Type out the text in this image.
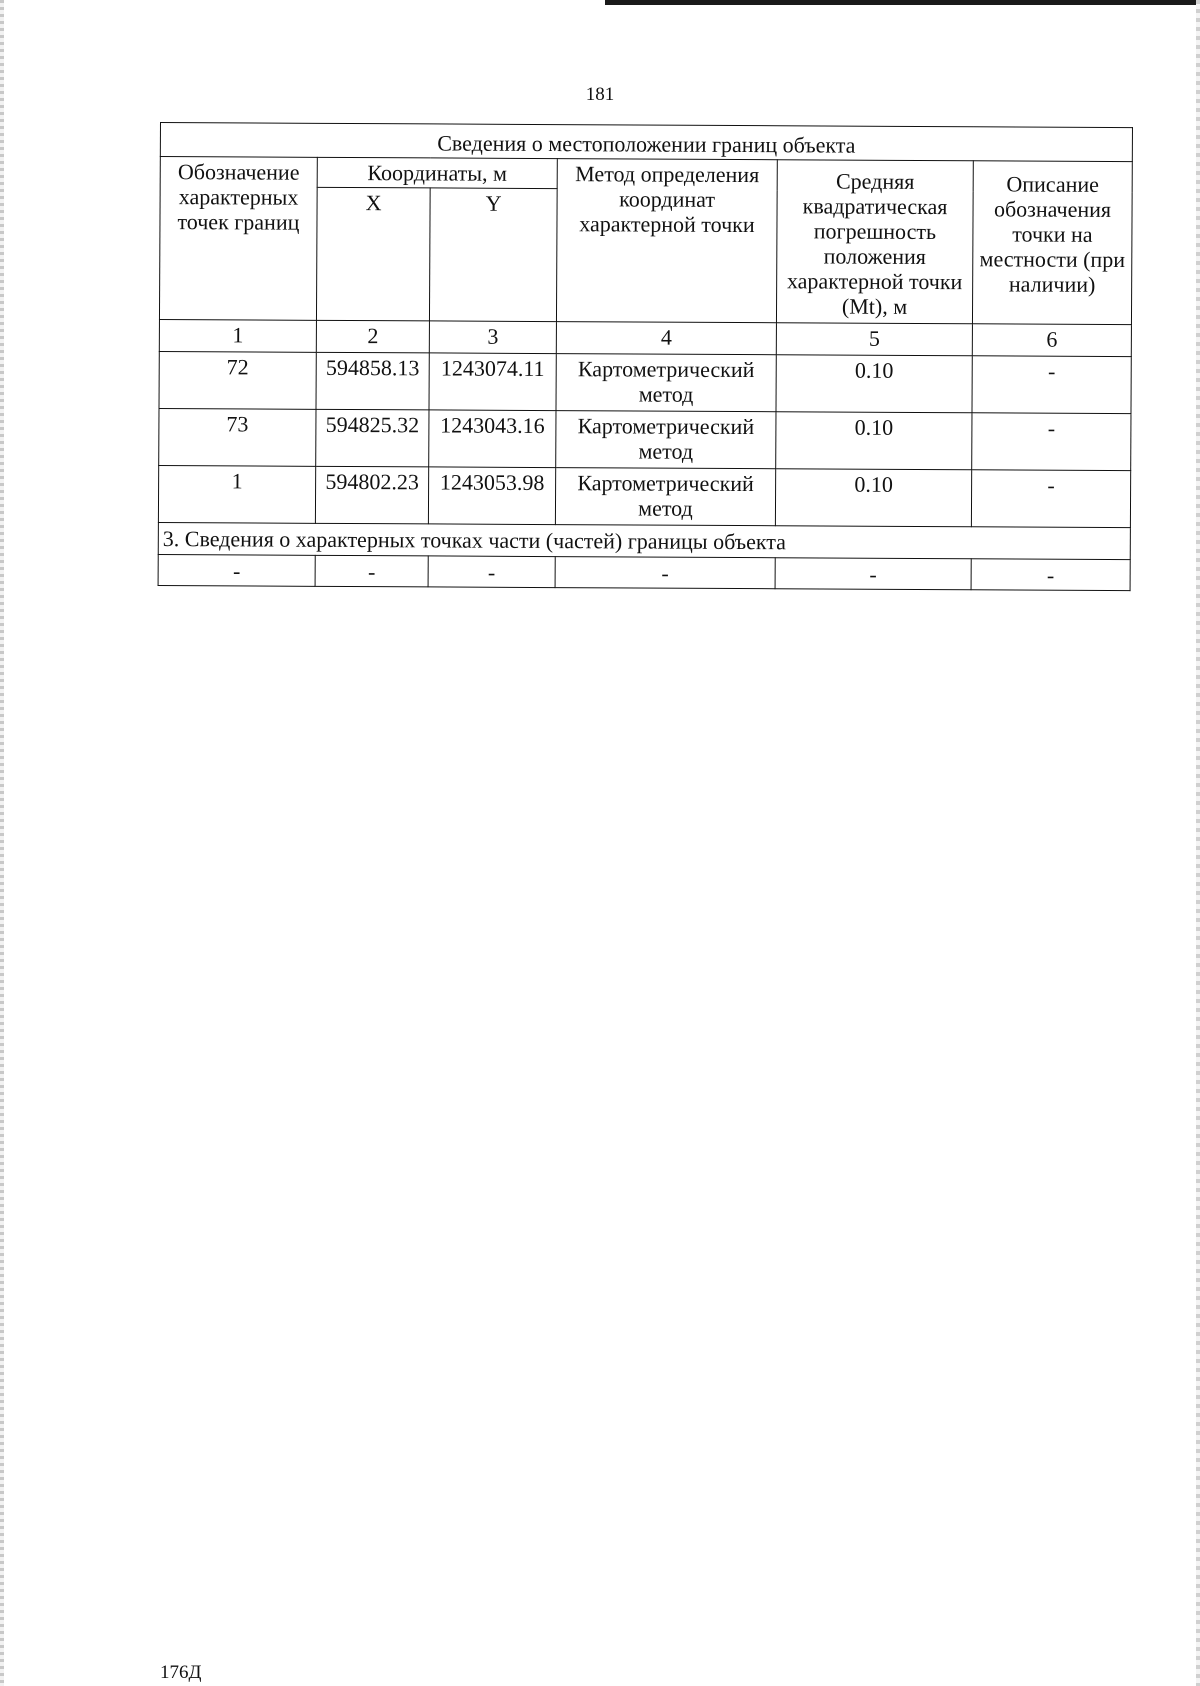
181
Сведения о местоположении границ объекта					
Обозначение характерных точек границ	Координаты, м		Метод определения координат характерной точки	Средняя квадратическая погрешность положения характерной точки (Mt), м	Описание обозначения точки на местности (при наличии)
	X	Y			
1	2	3	4	5	6
72	594858.13	1243074.11	Картометрический метод	0.10	-
73	594825.32	1243043.16	Картометрический метод	0.10	-
1	594802.23	1243053.98	Картометрический метод	0.10	-
3. Сведения о характерных точках части (частей) границы объекта					
-	-	-	-	-	-
176Д
